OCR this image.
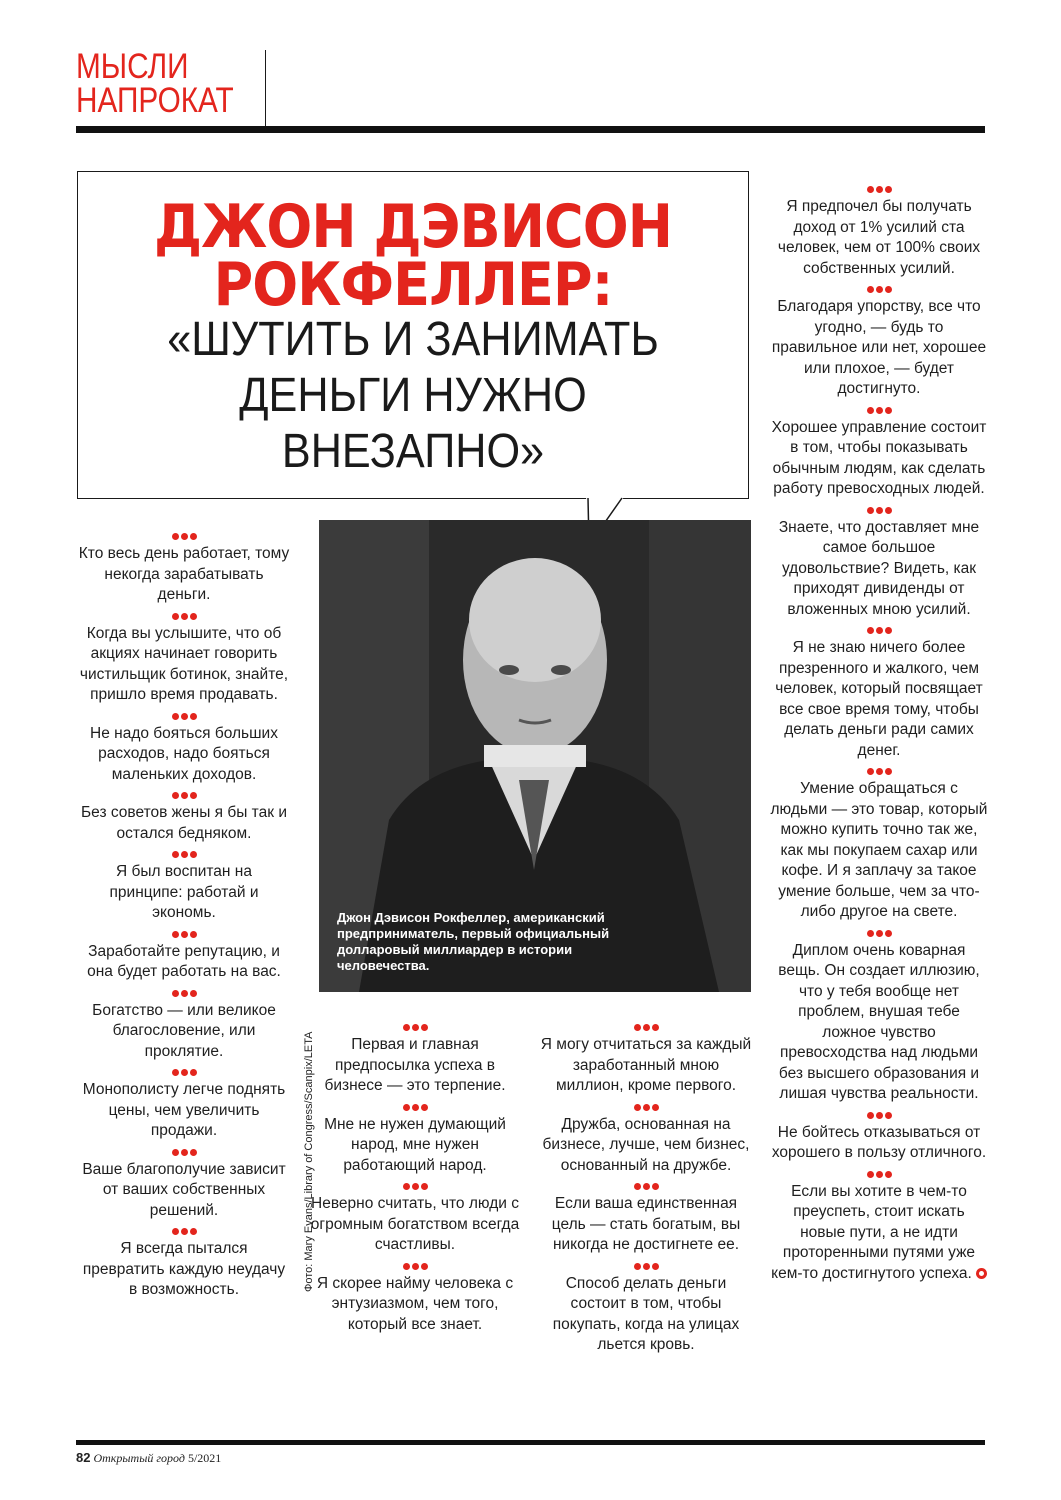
МЫСЛИ
НАПРОКАТ
ДЖОН ДЭВИСОН
РОКФЕЛЛЕР:
«ШУТИТЬ И ЗАНИМАТЬ
ДЕНЬГИ НУЖНО
ВНЕЗАПНО»
Джон Дэвисон Рокфеллер, американский предприниматель, первый официальный долларовый миллиардер в истории человечества.
Фото: Mary Evans/Library of Congress/Scanpix/LETA

Кто весь день работает, тому некогда зарабатывать деньги.

Когда вы услышите, что об акциях начинает говорить чистильщик ботинок, знайте, пришло время продавать.

Не надо бояться больших расходов, надо бояться маленьких доходов.

Без советов жены я бы так и остался бедняком.

Я был воспитан на принципе: работай и экономь.

Заработайте репутацию, и она будет работать на вас.

Богатство — или великое благословение, или проклятие.

Монополисту легче поднять цены, чем увеличить продажи.

Ваше благополучие зависит от ваших собственных решений.

Я всегда пытался превратить каждую неудачу в возможность.

Первая и главная предпосылка успеха в бизнесе — это терпение.

Мне не нужен думающий народ, мне нужен работающий народ.

Неверно считать, что люди с огромным богатством всегда счастливы.

Я скорее найму человека с энтузиазмом, чем того, который все знает.

Я могу отчитаться за каждый заработанный мною миллион, кроме первого.

Дружба, основанная на бизнесе, лучше, чем бизнес, основанный на дружбе.

Если ваша единственная цель — стать богатым, вы никогда не достигнете ее.

Способ делать деньги состоит в том, чтобы покупать, когда на улицах льется кровь.

Я предпочел бы получать доход от 1% усилий ста человек, чем от 100% своих собственных усилий.

Благодаря упорству, все что угодно, — будь то правильное или нет, хорошее или плохое, — будет достигнуто.

Хорошее управление состоит в том, чтобы показывать обычным людям, как сделать работу превосходных людей.

Знаете, что доставляет мне самое большое удовольствие? Видеть, как приходят дивиденды от вложенных мною усилий.

Я не знаю ничего более презренного и жалкого, чем человек, который посвящает все свое время тому, чтобы делать деньги ради самих денег.

Умение обращаться с людьми — это товар, который можно купить точно так же, как мы покупаем сахар или кофе. И я заплачу за такое умение больше, чем за что-либо другое на свете.

Диплом очень коварная вещь. Он создает иллюзию, что у тебя вообще нет проблем, внушая тебе ложное чувство превосходства над людьми без высшего образования и лишая чувства реальности.

Не бойтесь отказываться от хорошего в пользу отличного.

Если вы хотите в чем-то преуспеть, стоит искать новые пути, а не идти проторенными путями уже кем-то достигнутого успеха.

82 Открытый город 5/2021
